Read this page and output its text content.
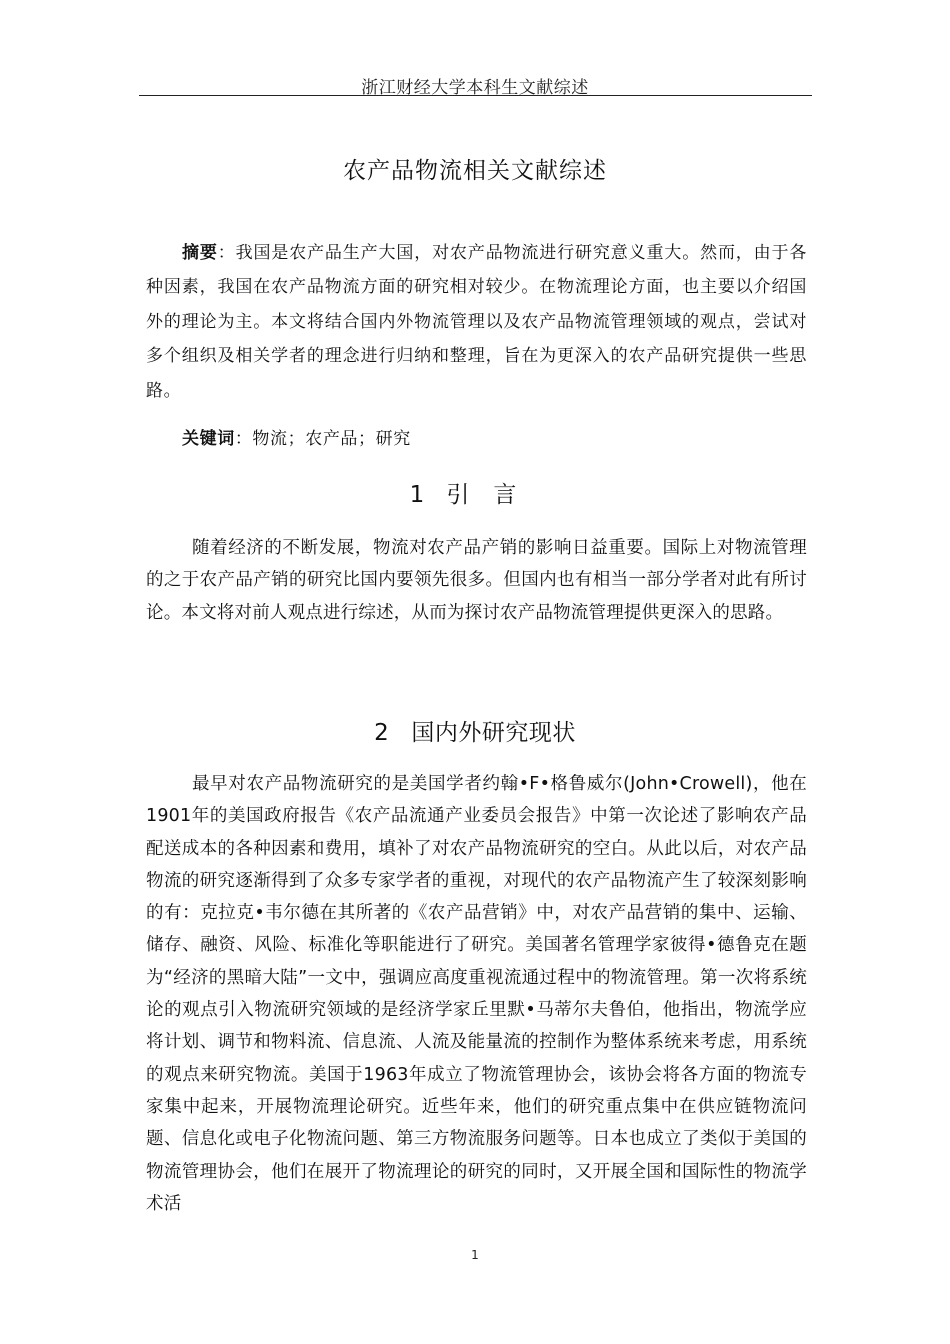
浙江财经大学本科生文献综述
农产品物流相关文献综述

摘要：我国是农产品生产大国，对农产品物流进行研究意义重大。然而，由于各种因素，我国在农产品物流方面的研究相对较少。在物流理论方面，也主要以介绍国外的理论为主。本文将结合国内外物流管理以及农产品物流管理领域的观点，尝试对多个组织及相关学者的理念进行归纳和整理，旨在为更深入的农产品研究提供一些思路。

关键词：物流；农产品；研究

1 引言

随着经济的不断发展，物流对农产品产销的影响日益重要。国际上对物流管理的之于农产品产销的研究比国内要领先很多。但国内也有相当一部分学者对此有所讨论。本文将对前人观点进行综述，从而为探讨农产品物流管理提供更深入的思路。

2 国内外研究现状

最早对农产品物流研究的是美国学者约翰•F•格鲁威尔(John•Crowell)，他在1901年的美国政府报告《农产品流通产业委员会报告》中第一次论述了影响农产品配送成本的各种因素和费用，填补了对农产品物流研究的空白。从此以后，对农产品物流的研究逐渐得到了众多专家学者的重视，对现代的农产品物流产生了较深刻影响的有：克拉克•韦尔德在其所著的《农产品营销》中，对农产品营销的集中、运输、储存、融资、风险、标准化等职能进行了研究。美国著名管理学家彼得•德鲁克在题为“经济的黑暗大陆”一文中，强调应高度重视流通过程中的物流管理。第一次将系统论的观点引入物流研究领域的是经济学家丘里默•马蒂尔夫鲁伯，他指出，物流学应将计划、调节和物料流、信息流、人流及能量流的控制作为整体系统来考虑，用系统的观点来研究物流。美国于1963年成立了物流管理协会，该协会将各方面的物流专家集中起来，开展物流理论研究。近些年来，他们的研究重点集中在供应链物流问题、信息化或电子化物流问题、第三方物流服务问题等。日本也成立了类似于美国的物流管理协会，他们在展开了物流理论的研究的同时，又开展全国和国际性的物流学术活

1
